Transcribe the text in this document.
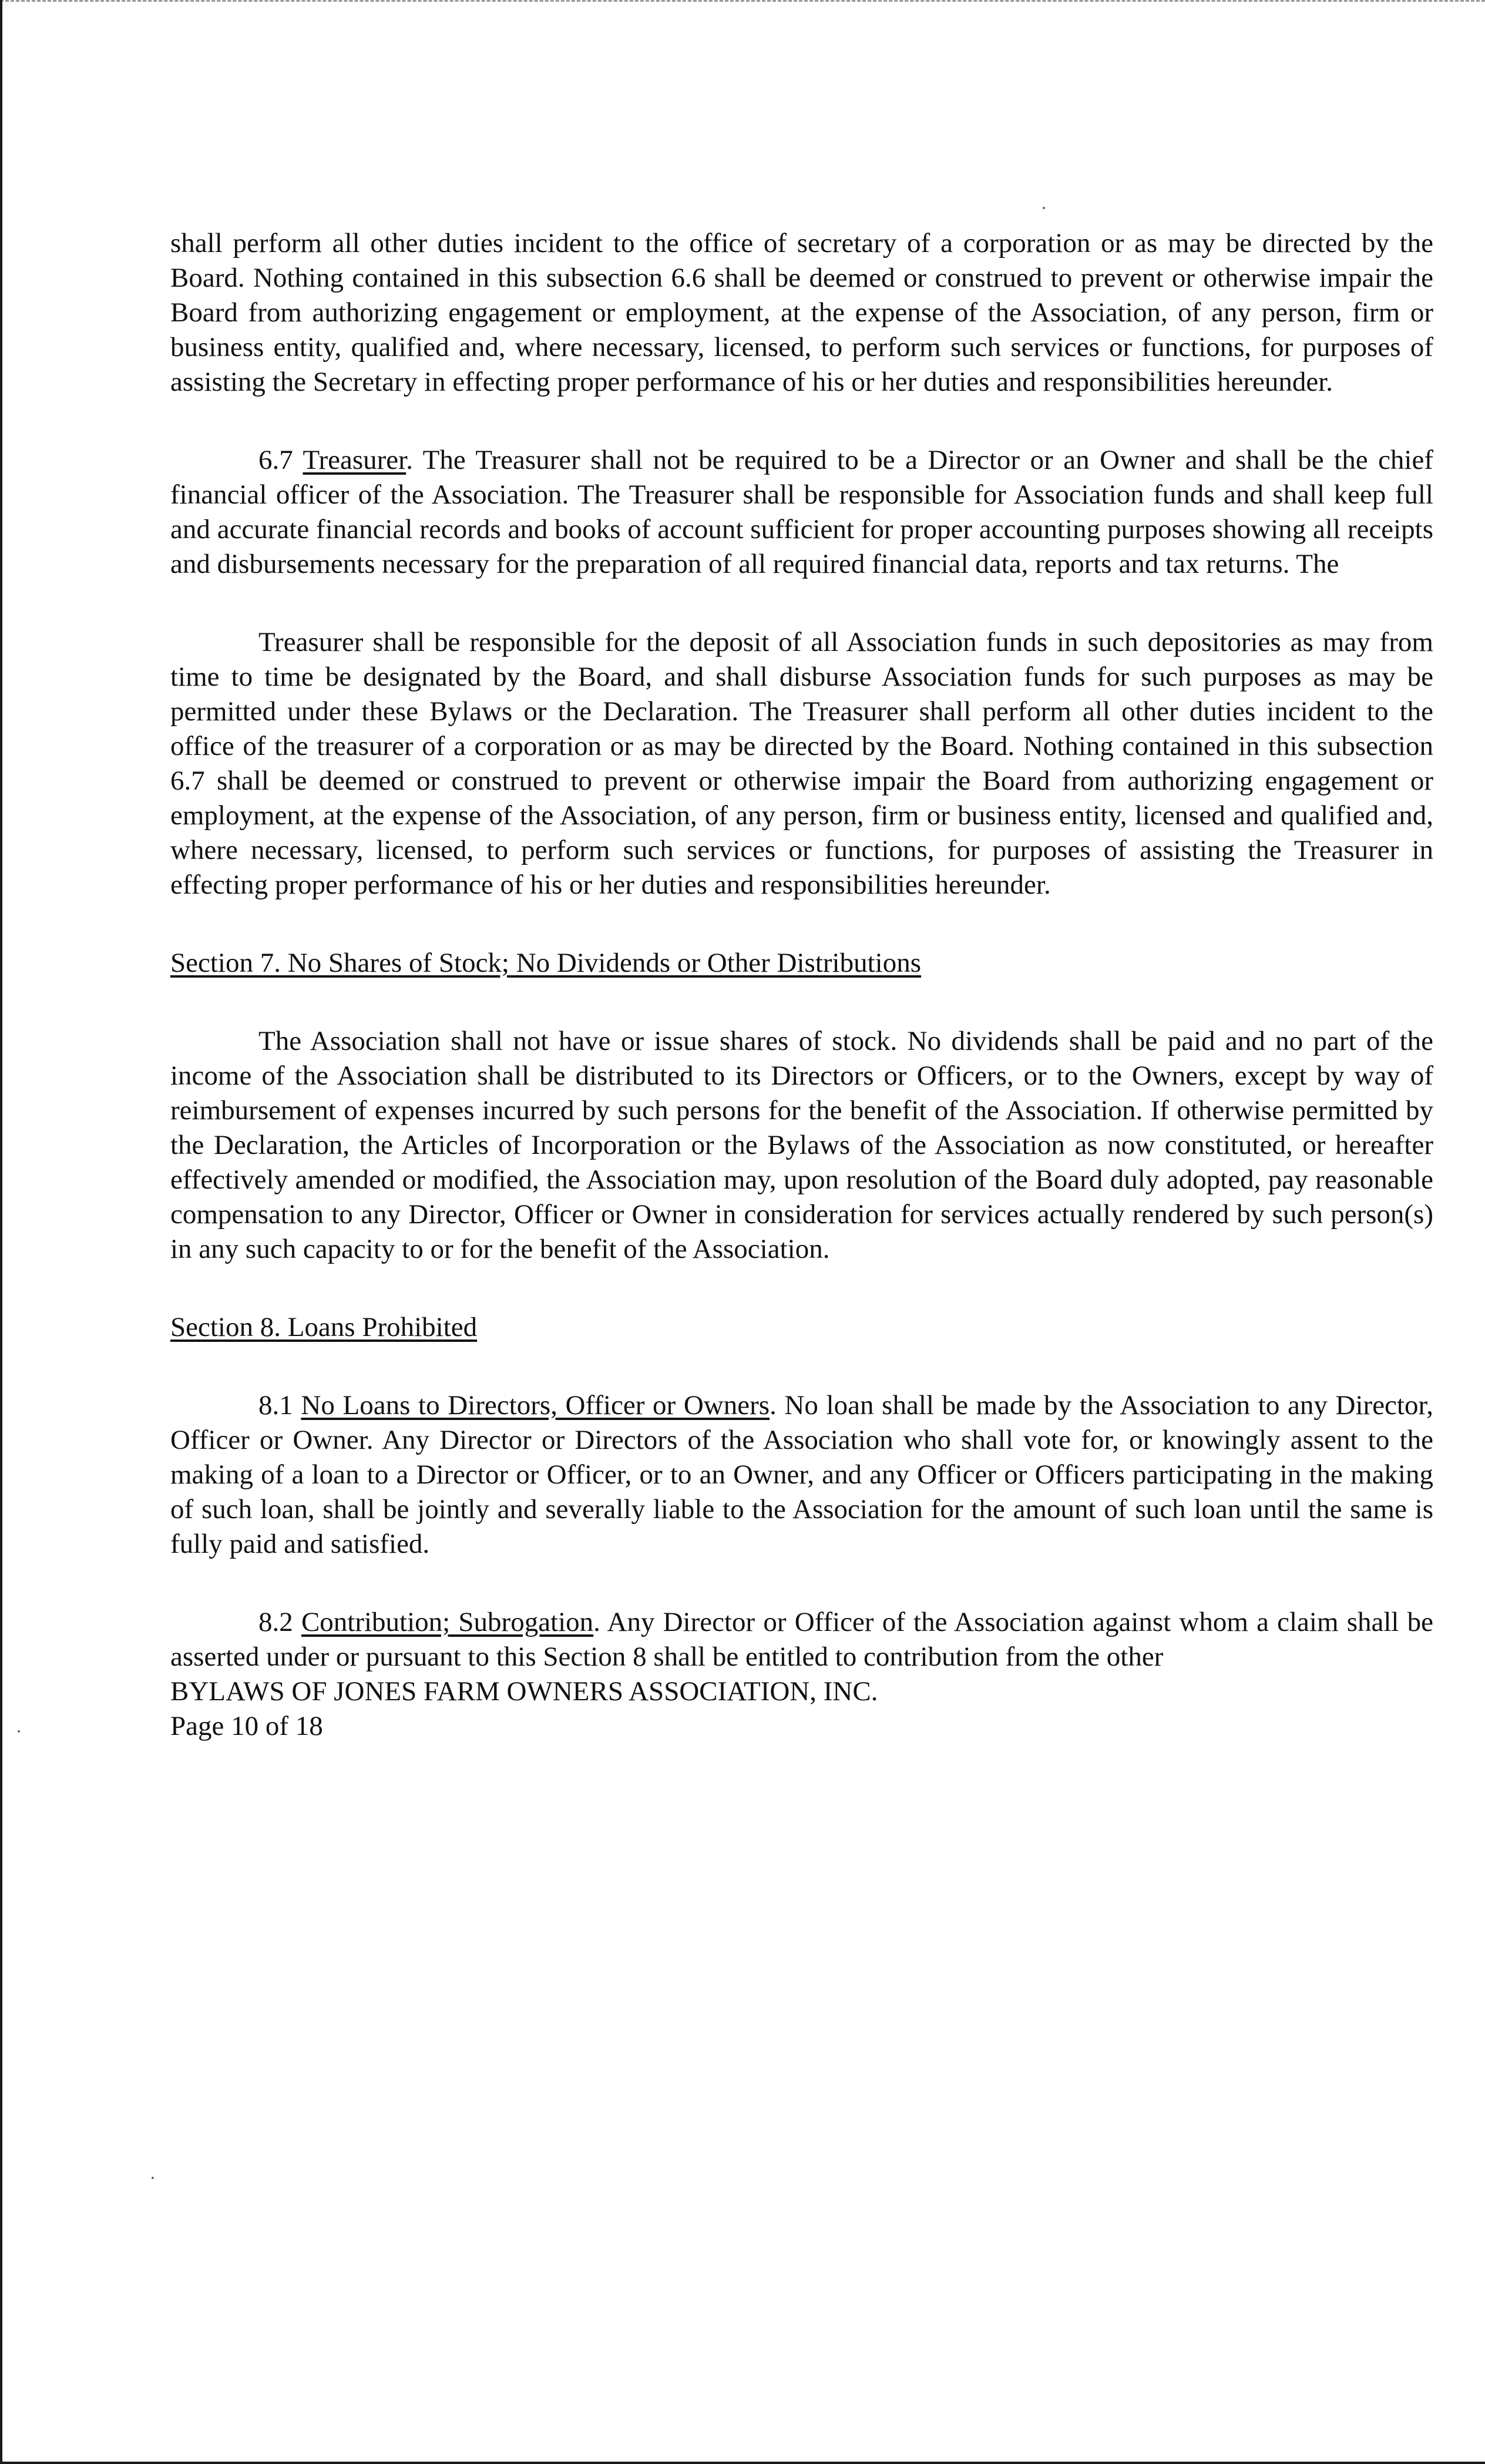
shall perform all other duties incident to the office of secretary of a corporation or as may be directed by the Board. Nothing contained in this subsection 6.6 shall be deemed or construed to prevent or otherwise impair the Board from authorizing engagement or employment, at the expense of the Association, of any person, firm or business entity, qualified and, where necessary, licensed, to perform such services or functions, for purposes of assisting the Secretary in effecting proper performance of his or her duties and responsibilities hereunder.

6.7 Treasurer. The Treasurer shall not be required to be a Director or an Owner and shall be the chief financial officer of the Association. The Treasurer shall be responsible for Association funds and shall keep full and accurate financial records and books of account sufficient for proper accounting purposes showing all receipts and disbursements necessary for the preparation of all required financial data, reports and tax returns. The

Treasurer shall be responsible for the deposit of all Association funds in such depositories as may from time to time be designated by the Board, and shall disburse Association funds for such purposes as may be permitted under these Bylaws or the Declaration. The Treasurer shall perform all other duties incident to the office of the treasurer of a corporation or as may be directed by the Board. Nothing contained in this subsection 6.7 shall be deemed or construed to prevent or otherwise impair the Board from authorizing engagement or employment, at the expense of the Association, of any person, firm or business entity, licensed and qualified and, where necessary, licensed, to perform such services or functions, for purposes of assisting the Treasurer in effecting proper performance of his or her duties and responsibilities hereunder.

Section 7. No Shares of Stock; No Dividends or Other Distributions

The Association shall not have or issue shares of stock. No dividends shall be paid and no part of the income of the Association shall be distributed to its Directors or Officers, or to the Owners, except by way of reimbursement of expenses incurred by such persons for the benefit of the Association. If otherwise permitted by the Declaration, the Articles of Incorporation or the Bylaws of the Association as now constituted, or hereafter effectively amended or modified, the Association may, upon resolution of the Board duly adopted, pay reasonable compensation to any Director, Officer or Owner in consideration for services actually rendered by such person(s) in any such capacity to or for the benefit of the Association.

Section 8. Loans Prohibited

8.1 No Loans to Directors, Officer or Owners. No loan shall be made by the Association to any Director, Officer or Owner. Any Director or Directors of the Association who shall vote for, or knowingly assent to the making of a loan to a Director or Officer, or to an Owner, and any Officer or Officers participating in the making of such loan, shall be jointly and severally liable to the Association for the amount of such loan until the same is fully paid and satisfied.

8.2 Contribution; Subrogation. Any Director or Officer of the Association against whom a claim shall be asserted under or pursuant to this Section 8 shall be entitled to contribution from the other

BYLAWS OF JONES FARM OWNERS ASSOCIATION, INC.
Page 10 of 18
